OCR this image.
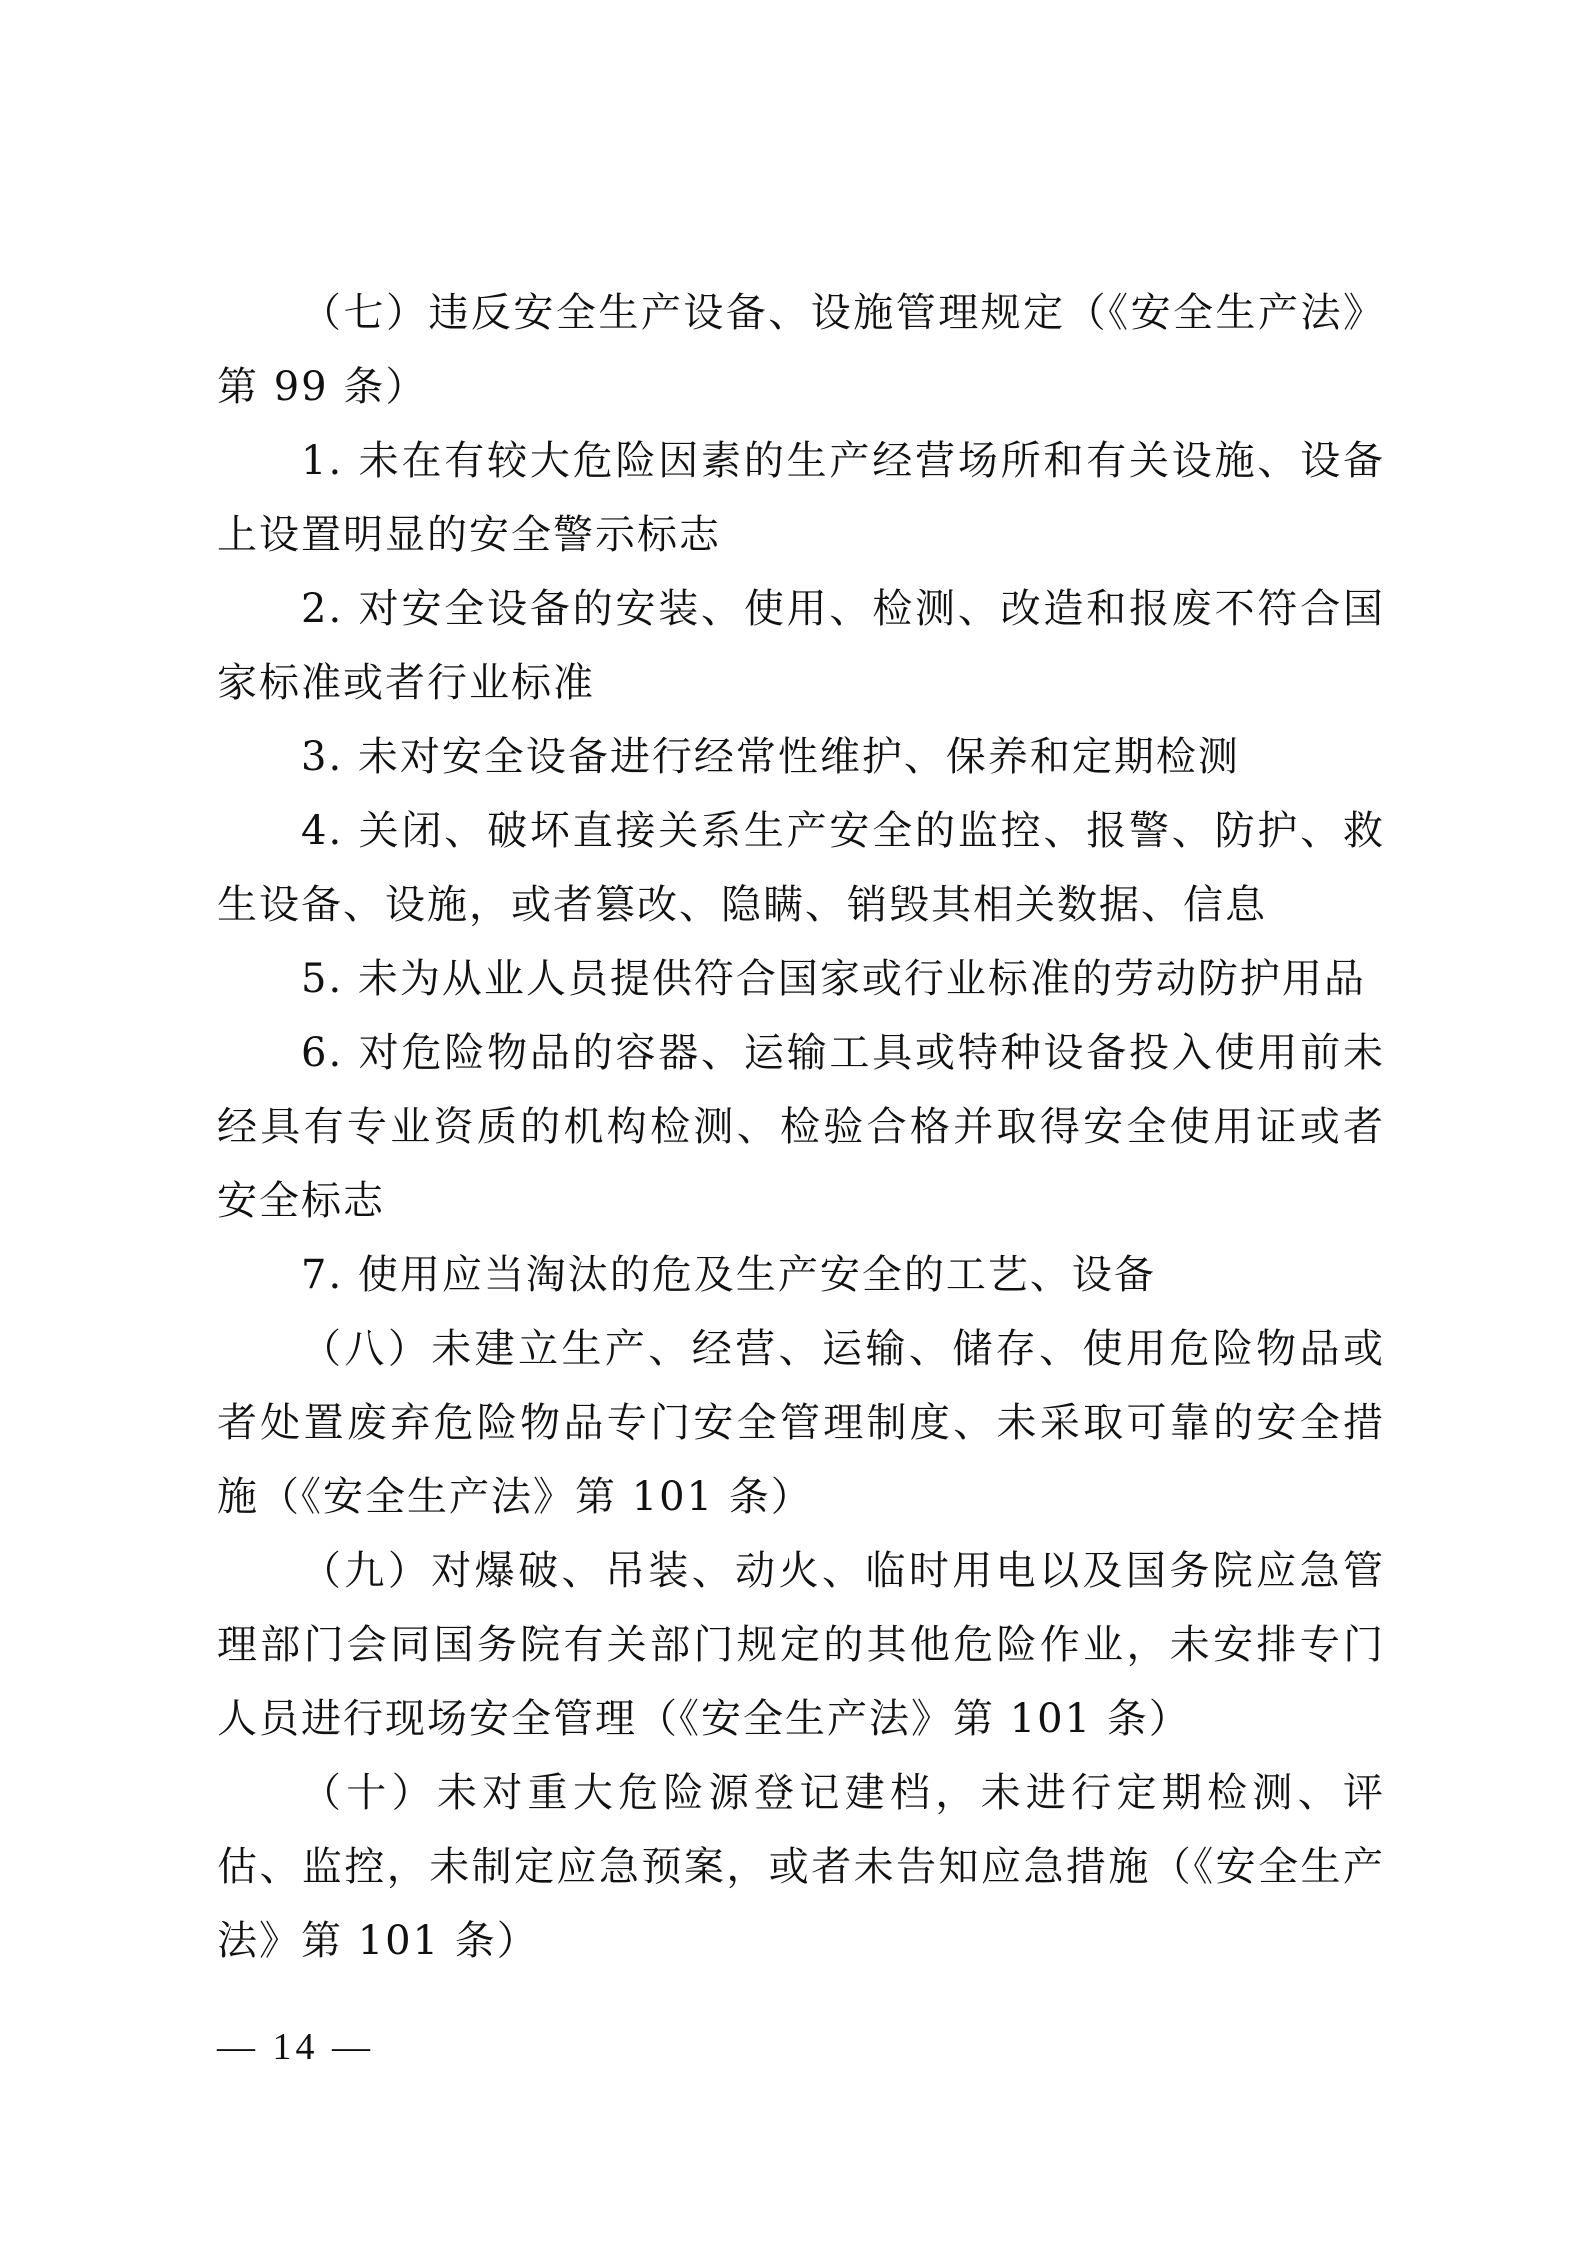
（七）违反安全生产设备、设施管理规定（《安全生产法》第 99 条）

1. 未在有较大危险因素的生产经营场所和有关设施、设备上设置明显的安全警示标志

2. 对安全设备的安装、使用、检测、改造和报废不符合国家标准或者行业标准

3. 未对安全设备进行经常性维护、保养和定期检测

4. 关闭、破坏直接关系生产安全的监控、报警、防护、救生设备、设施，或者篡改、隐瞒、销毁其相关数据、信息

5. 未为从业人员提供符合国家或行业标准的劳动防护用品

6. 对危险物品的容器、运输工具或特种设备投入使用前未经具有专业资质的机构检测、检验合格并取得安全使用证或者安全标志

7. 使用应当淘汰的危及生产安全的工艺、设备

（八）未建立生产、经营、运输、储存、使用危险物品或者处置废弃危险物品专门安全管理制度、未采取可靠的安全措施（《安全生产法》第 101 条）

（九）对爆破、吊装、动火、临时用电以及国务院应急管理部门会同国务院有关部门规定的其他危险作业，未安排专门人员进行现场安全管理（《安全生产法》第 101 条）

（十）未对重大危险源登记建档，未进行定期检测、评估、监控，未制定应急预案，或者未告知应急措施（《安全生产法》第 101 条）

— 14 —
